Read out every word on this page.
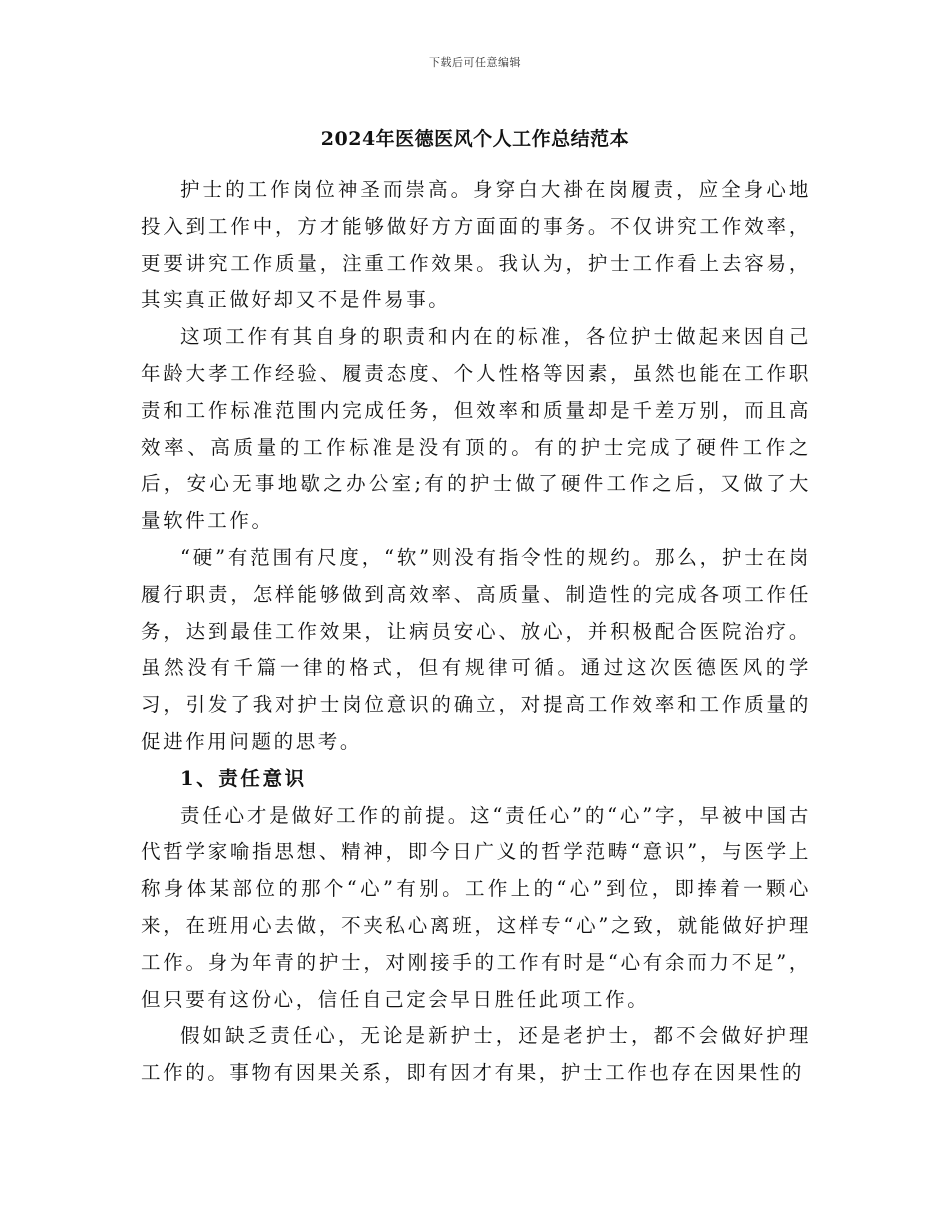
下载后可任意编辑
2024年医德医风个人工作总结范本

护士的工作岗位神圣而崇高。身穿白大褂在岗履责，应全身心地投入到工作中，方才能够做好方方面面的事务。不仅讲究工作效率，更要讲究工作质量，注重工作效果。我认为，护士工作看上去容易，其实真正做好却又不是件易事。

这项工作有其自身的职责和内在的标准，各位护士做起来因自己年龄大孝工作经验、履责态度、个人性格等因素，虽然也能在工作职责和工作标准范围内完成任务，但效率和质量却是千差万别，而且高效率、高质量的工作标准是没有顶的。有的护士完成了硬件工作之后，安心无事地歇之办公室;有的护士做了硬件工作之后，又做了大量软件工作。

“硬”有范围有尺度，“软”则没有指令性的规约。那么，护士在岗履行职责，怎样能够做到高效率、高质量、制造性的完成各项工作任务，达到最佳工作效果，让病员安心、放心，并积极配合医院治疗。虽然没有千篇一律的格式，但有规律可循。通过这次医德医风的学习，引发了我对护士岗位意识的确立，对提高工作效率和工作质量的促进作用问题的思考。

1、责任意识

责任心才是做好工作的前提。这“责任心”的“心”字，早被中国古代哲学家喻指思想、精神，即今日广义的哲学范畴“意识”，与医学上称身体某部位的那个“心”有别。工作上的“心”到位，即捧着一颗心来，在班用心去做，不夹私心离班，这样专“心”之致，就能做好护理工作。身为年青的护士，对刚接手的工作有时是“心有余而力不足”，但只要有这份心，信任自己定会早日胜任此项工作。

假如缺乏责任心，无论是新护士，还是老护士，都不会做好护理工作的。事物有因果关系，即有因才有果，护士工作也存在因果性的
